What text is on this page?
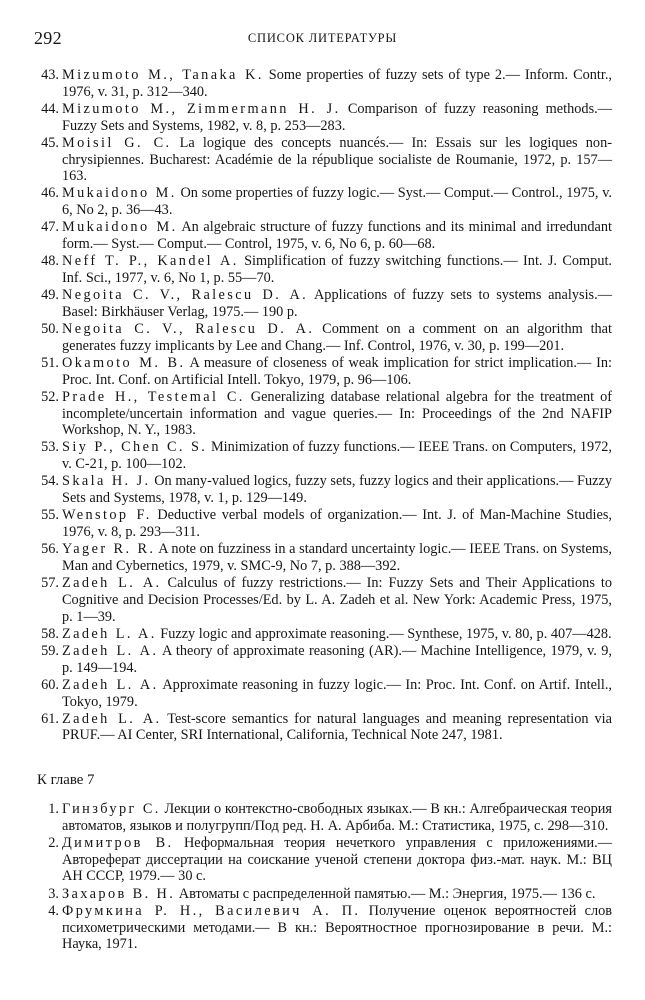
292	СПИСОК ЛИТЕРАТУРЫ
43. Mizumoto M., Tanaka K. Some properties of fuzzy sets of type 2.— Inform. Contr., 1976, v. 31, p. 312—340.
44. Mizumoto M., Zimmermann H. J. Comparison of fuzzy reasoning methods.— Fuzzy Sets and Systems, 1982, v. 8, p. 253—283.
45. Moisil G. C. La logique des concepts nuancés.— In: Essais sur les logiques non-chrysipiennes. Bucharest: Académie de la république socialiste de Roumanie, 1972, p. 157—163.
46. Mukaidono M. On some properties of fuzzy logic.— Syst.— Comput.— Control., 1975, v. 6, No 2, p. 36—43.
47. Mukaidono M. An algebraic structure of fuzzy functions and its minimal and irredundant form.— Syst.— Comput.— Control, 1975, v. 6, No 6, p. 60—68.
48. Neff T. P., Kandel A. Simplification of fuzzy switching functions.— Int. J. Comput. Inf. Sci., 1977, v. 6, No 1, p. 55—70.
49. Negoita C. V., Ralescu D. A. Applications of fuzzy sets to systems analysis.— Basel: Birkhäuser Verlag, 1975.— 190 p.
50. Negoita C. V., Ralescu D. A. Comment on a comment on an algorithm that generates fuzzy implicants by Lee and Chang.— Inf. Control, 1976, v. 30, p. 199—201.
51. Okamoto M. B. A measure of closeness of weak implication for strict implication.— In: Proc. Int. Conf. on Artificial Intell. Tokyo, 1979, p. 96—106.
52. Prade H., Testemal C. Generalizing database relational algebra for the treatment of incomplete/uncertain information and vague queries.— In: Proceedings of the 2nd NAFIP Workshop, N. Y., 1983.
53. Siy P., Chen C. S. Minimization of fuzzy functions.— IEEE Trans. on Computers, 1972, v. C-21, p. 100—102.
54. Skala H. J. On many-valued logics, fuzzy sets, fuzzy logics and their applications.— Fuzzy Sets and Systems, 1978, v. 1, p. 129—149.
55. Wenstop F. Deductive verbal models of organization.— Int. J. of Man-Machine Studies, 1976, v. 8, p. 293—311.
56. Yager R. R. A note on fuzziness in a standard uncertainty logic.— IEEE Trans. on Systems, Man and Cybernetics, 1979, v. SMC-9, No 7, p. 388—392.
57. Zadeh L. A. Calculus of fuzzy restrictions.— In: Fuzzy Sets and Their Applications to Cognitive and Decision Processes/Ed. by L. A. Zadeh et al. New York: Academic Press, 1975, p. 1—39.
58. Zadeh L. A. Fuzzy logic and approximate reasoning.— Synthese, 1975, v. 80, p. 407—428.
59. Zadeh L. A. A theory of approximate reasoning (AR).— Machine Intelligence, 1979, v. 9, p. 149—194.
60. Zadeh L. A. Approximate reasoning in fuzzy logic.— In: Proc. Int. Conf. on Artif. Intell., Tokyo, 1979.
61. Zadeh L. A. Test-score semantics for natural languages and meaning representation via PRUF.— AI Center, SRI International, California, Technical Note 247, 1981.
К главе 7
1. Гинзбург С. Лекции о контекстно-свободных языках.— В кн.: Алгебраическая теория автоматов, языков и полугрупп/Под ред. Н. А. Арбиба. М.: Статистика, 1975, с. 298—310.
2. Димитров В. Неформальная теория нечеткого управления с приложениями.— Автореферат диссертации на соискание ученой степени доктора физ.-мат. наук. М.: ВЦ АН СССР, 1979.— 30 с.
3. Захаров В. Н. Автоматы с распределенной памятью.— М.: Энергия, 1975.— 136 с.
4. Фрумкина Р. Н., Василевич А. П. Получение оценок вероятностей слов психометрическими методами.— В кн.: Вероятностное прогнозирование в речи. М.: Наука, 1971.
